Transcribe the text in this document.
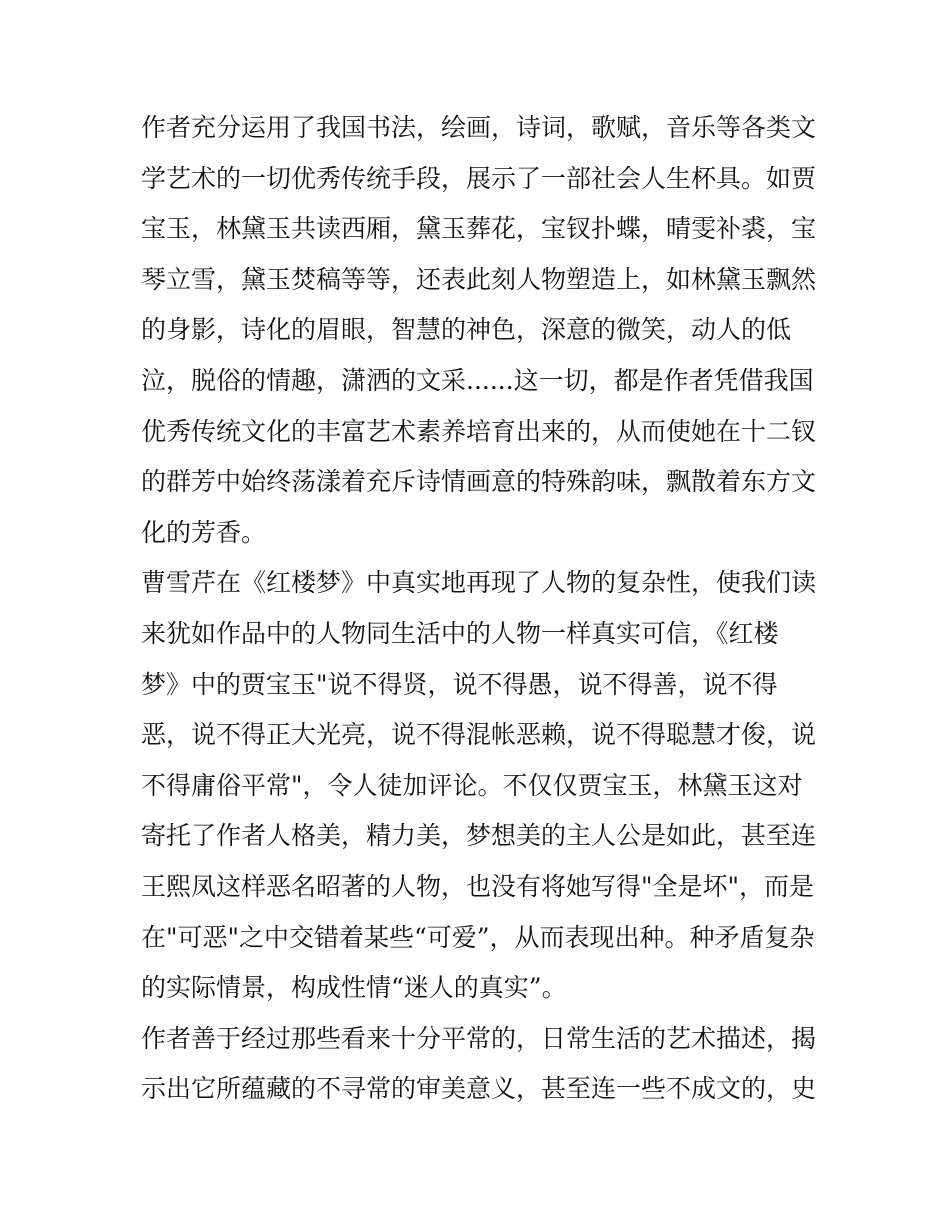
作者充分运用了我国书法，绘画，诗词，歌赋，音乐等各类文
学艺术的一切优秀传统手段，展示了一部社会人生杯具。如贾
宝玉，林黛玉共读西厢，黛玉葬花，宝钗扑蝶，晴雯补裘，宝
琴立雪，黛玉焚稿等等，还表此刻人物塑造上，如林黛玉飘然
的身影，诗化的眉眼，智慧的神色，深意的微笑，动人的低
泣，脱俗的情趣，潇洒的文采......这一切，都是作者凭借我国
优秀传统文化的丰富艺术素养培育出来的，从而使她在十二钗
的群芳中始终荡漾着充斥诗情画意的特殊韵味，飘散着东方文
化的芳香。
曹雪芹在《红楼梦》中真实地再现了人物的复杂性，使我们读
来犹如作品中的人物同生活中的人物一样真实可信，《红楼
梦》中的贾宝玉"说不得贤，说不得愚，说不得善，说不得
恶，说不得正大光亮，说不得混帐恶赖，说不得聪慧才俊，说
不得庸俗平常"，令人徒加评论。不仅仅贾宝玉，林黛玉这对
寄托了作者人格美，精力美，梦想美的主人公是如此，甚至连
王熙凤这样恶名昭著的人物，也没有将她写得"全是坏"，而是
在"可恶"之中交错着某些“可爱”，从而表现出种。种矛盾复杂
的实际情景，构成性情“迷人的真实”。
作者善于经过那些看来十分平常的，日常生活的艺术描述，揭
示出它所蕴藏的不寻常的审美意义，甚至连一些不成文的，史
